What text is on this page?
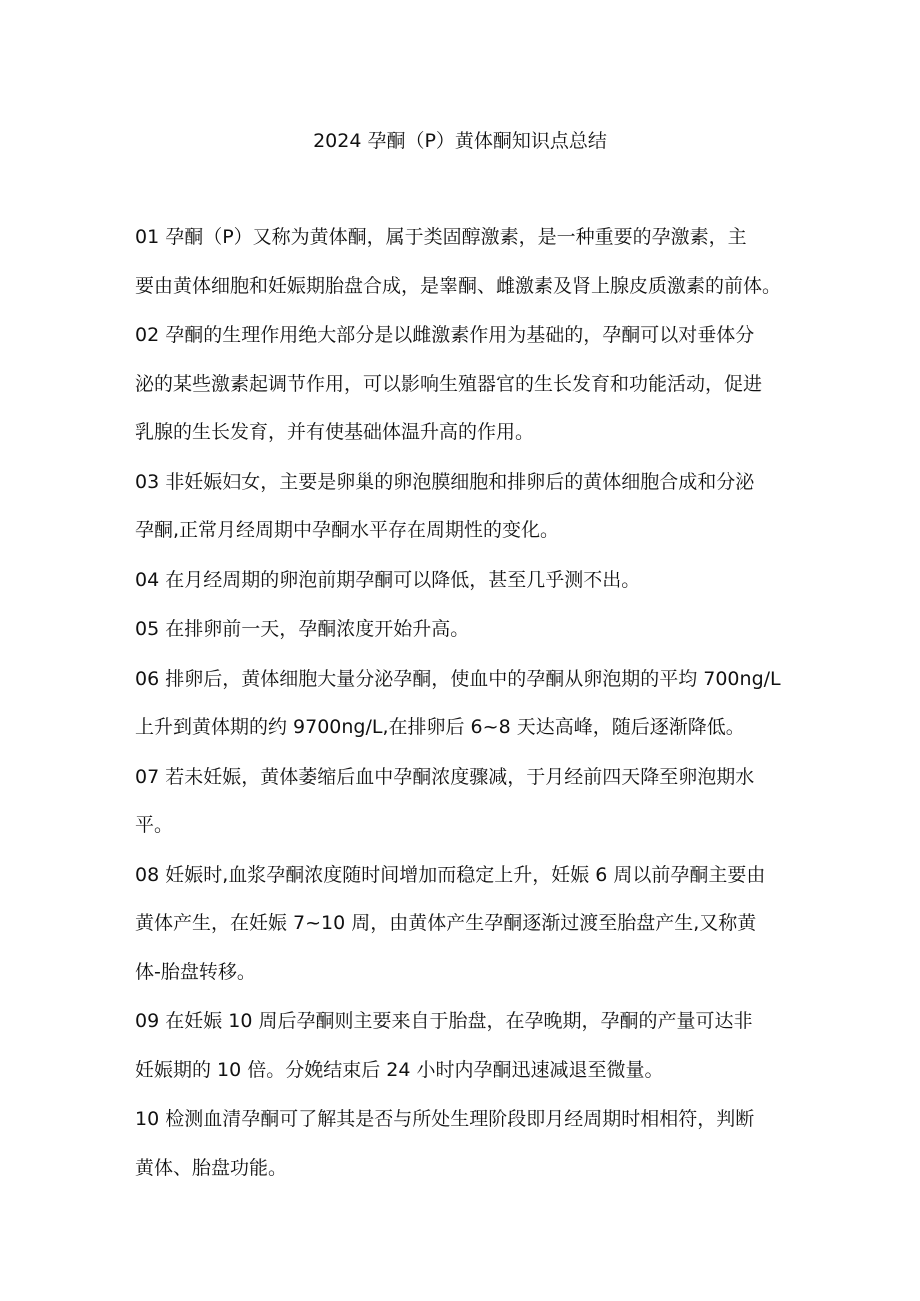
2024 孕酮（P）黄体酮知识点总结
01 孕酮（P）又称为黄体酮，属于类固醇激素，是一种重要的孕激素，主
要由黄体细胞和妊娠期胎盘合成，是睾酮、雌激素及肾上腺皮质激素的前体。
02 孕酮的生理作用绝大部分是以雌激素作用为基础的，孕酮可以对垂体分
泌的某些激素起调节作用，可以影响生殖器官的生长发育和功能活动，促进
乳腺的生长发育，并有使基础体温升高的作用。
03 非妊娠妇女，主要是卵巢的卵泡膜细胞和排卵后的黄体细胞合成和分泌
孕酮,正常月经周期中孕酮水平存在周期性的变化。
04 在月经周期的卵泡前期孕酮可以降低，甚至几乎测不出。
05 在排卵前一天，孕酮浓度开始升高。
06 排卵后，黄体细胞大量分泌孕酮，使血中的孕酮从卵泡期的平均 700ng/L
上升到黄体期的约 9700ng/L,在排卵后 6~8 天达高峰，随后逐渐降低。
07 若未妊娠，黄体萎缩后血中孕酮浓度骤减，于月经前四天降至卵泡期水
平。
08 妊娠时,血浆孕酮浓度随时间增加而稳定上升，妊娠 6 周以前孕酮主要由
黄体产生，在妊娠 7~10 周，由黄体产生孕酮逐渐过渡至胎盘产生,又称黄
体-胎盘转移。
09 在妊娠 10 周后孕酮则主要来自于胎盘，在孕晚期，孕酮的产量可达非
妊娠期的 10 倍。分娩结束后 24 小时内孕酮迅速减退至微量。
10 检测血清孕酮可了解其是否与所处生理阶段即月经周期时相相符，判断
黄体、胎盘功能。
